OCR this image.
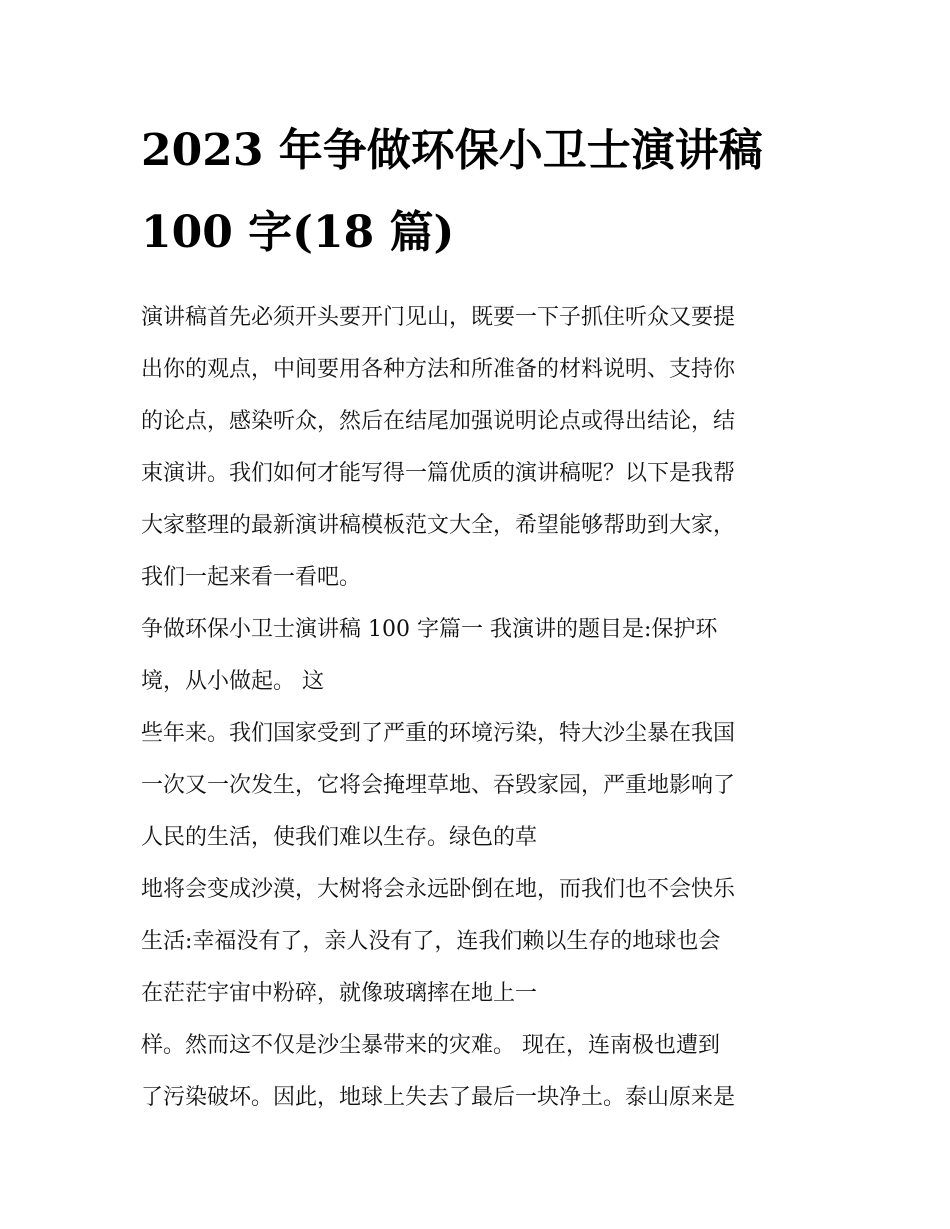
2023 年争做环保小卫士演讲稿
100 字(18 篇)
演讲稿首先必须开头要开门见山，既要一下子抓住听众又要提
出你的观点，中间要用各种方法和所准备的材料说明、支持你
的论点，感染听众，然后在结尾加强说明论点或得出结论，结
束演讲。我们如何才能写得一篇优质的演讲稿呢？以下是我帮
大家整理的最新演讲稿模板范文大全，希望能够帮助到大家，
我们一起来看一看吧。
争做环保小卫士演讲稿 100 字篇一 我演讲的题目是:保护环
境，从小做起。 这
些年来。我们国家受到了严重的环境污染，特大沙尘暴在我国
一次又一次发生，它将会掩埋草地、吞毁家园，严重地影响了
人民的生活，使我们难以生存。绿色的草
地将会变成沙漠，大树将会永远卧倒在地，而我们也不会快乐
生活:幸福没有了，亲人没有了，连我们赖以生存的地球也会
在茫茫宇宙中粉碎，就像玻璃摔在地上一
样。然而这不仅是沙尘暴带来的灾难。 现在，连南极也遭到
了污染破坏。因此，地球上失去了最后一块净土。泰山原来是
